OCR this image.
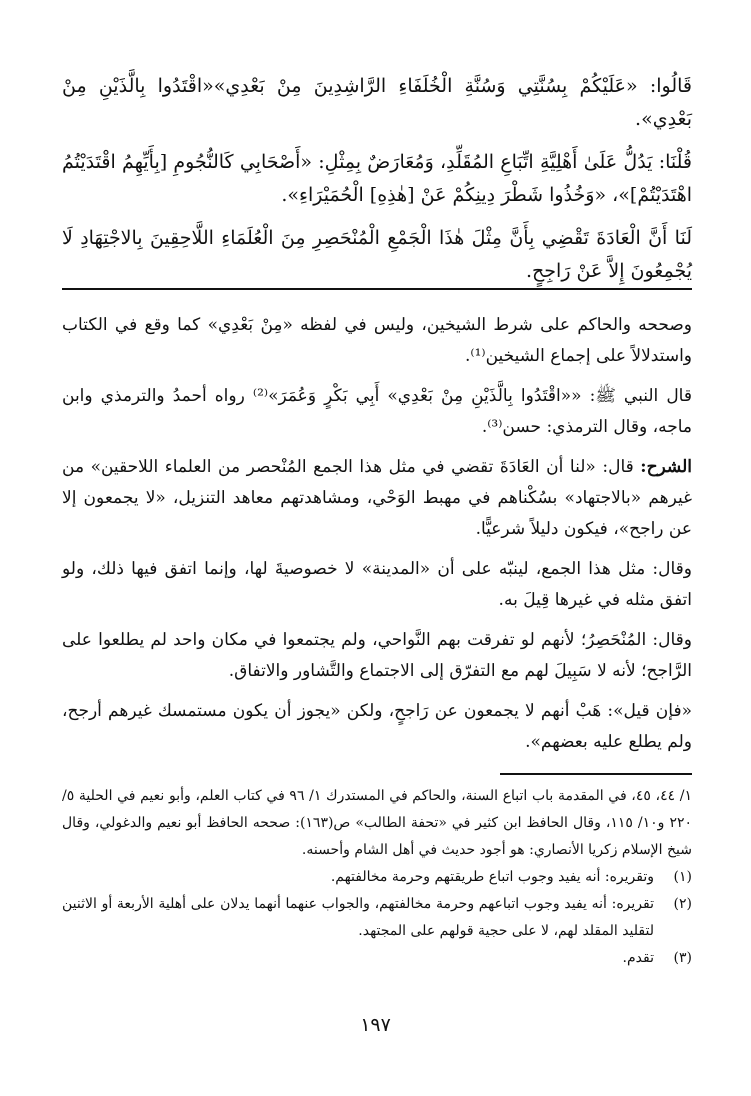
قَالُوا: «عَلَيْكُمْ بِسُنَّتِي وَسُنَّةِ الْخُلَفَاءِ الرَّاشِدِينَ مِنْ بَعْدِي»«اقْتَدُوا بِالَّذَيْنِ مِنْ بَعْدِي».

قُلْنَا: يَدُلُّ عَلَىٰ أَهْلِيَّةِ اتِّبَاعِ المُقَلِّدِ، وَمُعَارَضٌ بِمِثْلِ: «أَصْحَابِي كَالنُّجُومِ [بِأَيِّهِمُ اقْتَدَيْتُمُ اهْتَدَيْتُمْ]»، «وَخُذُوا شَطْرَ دِينِكُمْ عَنْ [هٰذِهِ] الْحُمَيْرَاءِ».

لَنَا أَنَّ الْعَادَةَ تَقْضِي بِأَنَّ مِثْلَ هٰذَا الْجَمْعِ الْمُنْحَصِرِ مِنَ الْعُلَمَاءِ اللَّاحِقِينَ بِالاجْتِهَادِ لَا يُجْمِعُونَ إِلاَّ عَنْ رَاجِحٍ.

وصححه والحاكم على شرط الشيخين، وليس في لفظه «مِنْ بَعْدِي» كما وقع في الكتاب واستدلالاً على إجماع الشيخين⁽¹⁾.

قال النبي ﷺ: ««اقْتَدُوا بِالَّذَيْنِ مِنْ بَعْدِي» أَبِي بَكْرٍ وَعُمَرَ»⁽²⁾ رواه أحمدُ والترمذي وابن ماجه، وقال الترمذي: حسن⁽³⁾.

الشرح: قال: «لنا أن العَادَةَ تقضي في مثل هذا الجمع المُنْحصر من العلماء اللاحقين» من غيرهم «بالاجتهاد» بسُكْناهم في مهبط الوَحْي، ومشاهدتهم معاهد التنزيل، «لا يجمعون إلا عن راجح»، فيكون دليلاً شرعيًّا.

وقال: مثل هذا الجمع، لينبّه على أن «المدينة» لا خصوصيةَ لها، وإنما اتفق فيها ذلك، ولو اتفق مثله في غيرها قِيلَ به.

وقال: المُنْحَصِرُ؛ لأنهم لو تفرقت بهم النَّواحي، ولم يجتمعوا في مكان واحد لم يطلعوا على الرَّاجح؛ لأنه لا سَبِيلَ لهم مع التفرّق إلى الاجتماع والتَّشاور والاتفاق.

«فإن قيل»: هَبْ أنهم لا يجمعون عن رَاجحٍ، ولكن «يجوز أن يكون مستمسك غيرهم أرجح، ولم يطلع عليه بعضهم».

١/ ٤٤، ٤٥، في المقدمة باب اتباع السنة، والحاكم في المستدرك ١/ ٩٦ في كتاب العلم، وأبو نعيم في الحلية ٥/ ٢٢٠ و١٠/ ١١٥، وقال الحافظ ابن كثير في «تحفة الطالب» ص(١٦٣): صححه الحافظ أبو نعيم والدغولي، وقال شيخ الإسلام زكريا الأنصاري: هو أجود حديث في أهل الشام وأحسنه.

(١)
وتقريره: أنه يفيد وجوب اتباع طريقتهم وحرمة مخالفتهم.
(٢)
تقريره: أنه يفيد وجوب اتباعهم وحرمة مخالفتهم، والجواب عنهما أنهما يدلان على أهلية الأربعة أو الاثنين لتقليد المقلد لهم، لا على حجية قولهم على المجتهد.
(٣)
تقدم.
١٩٧
